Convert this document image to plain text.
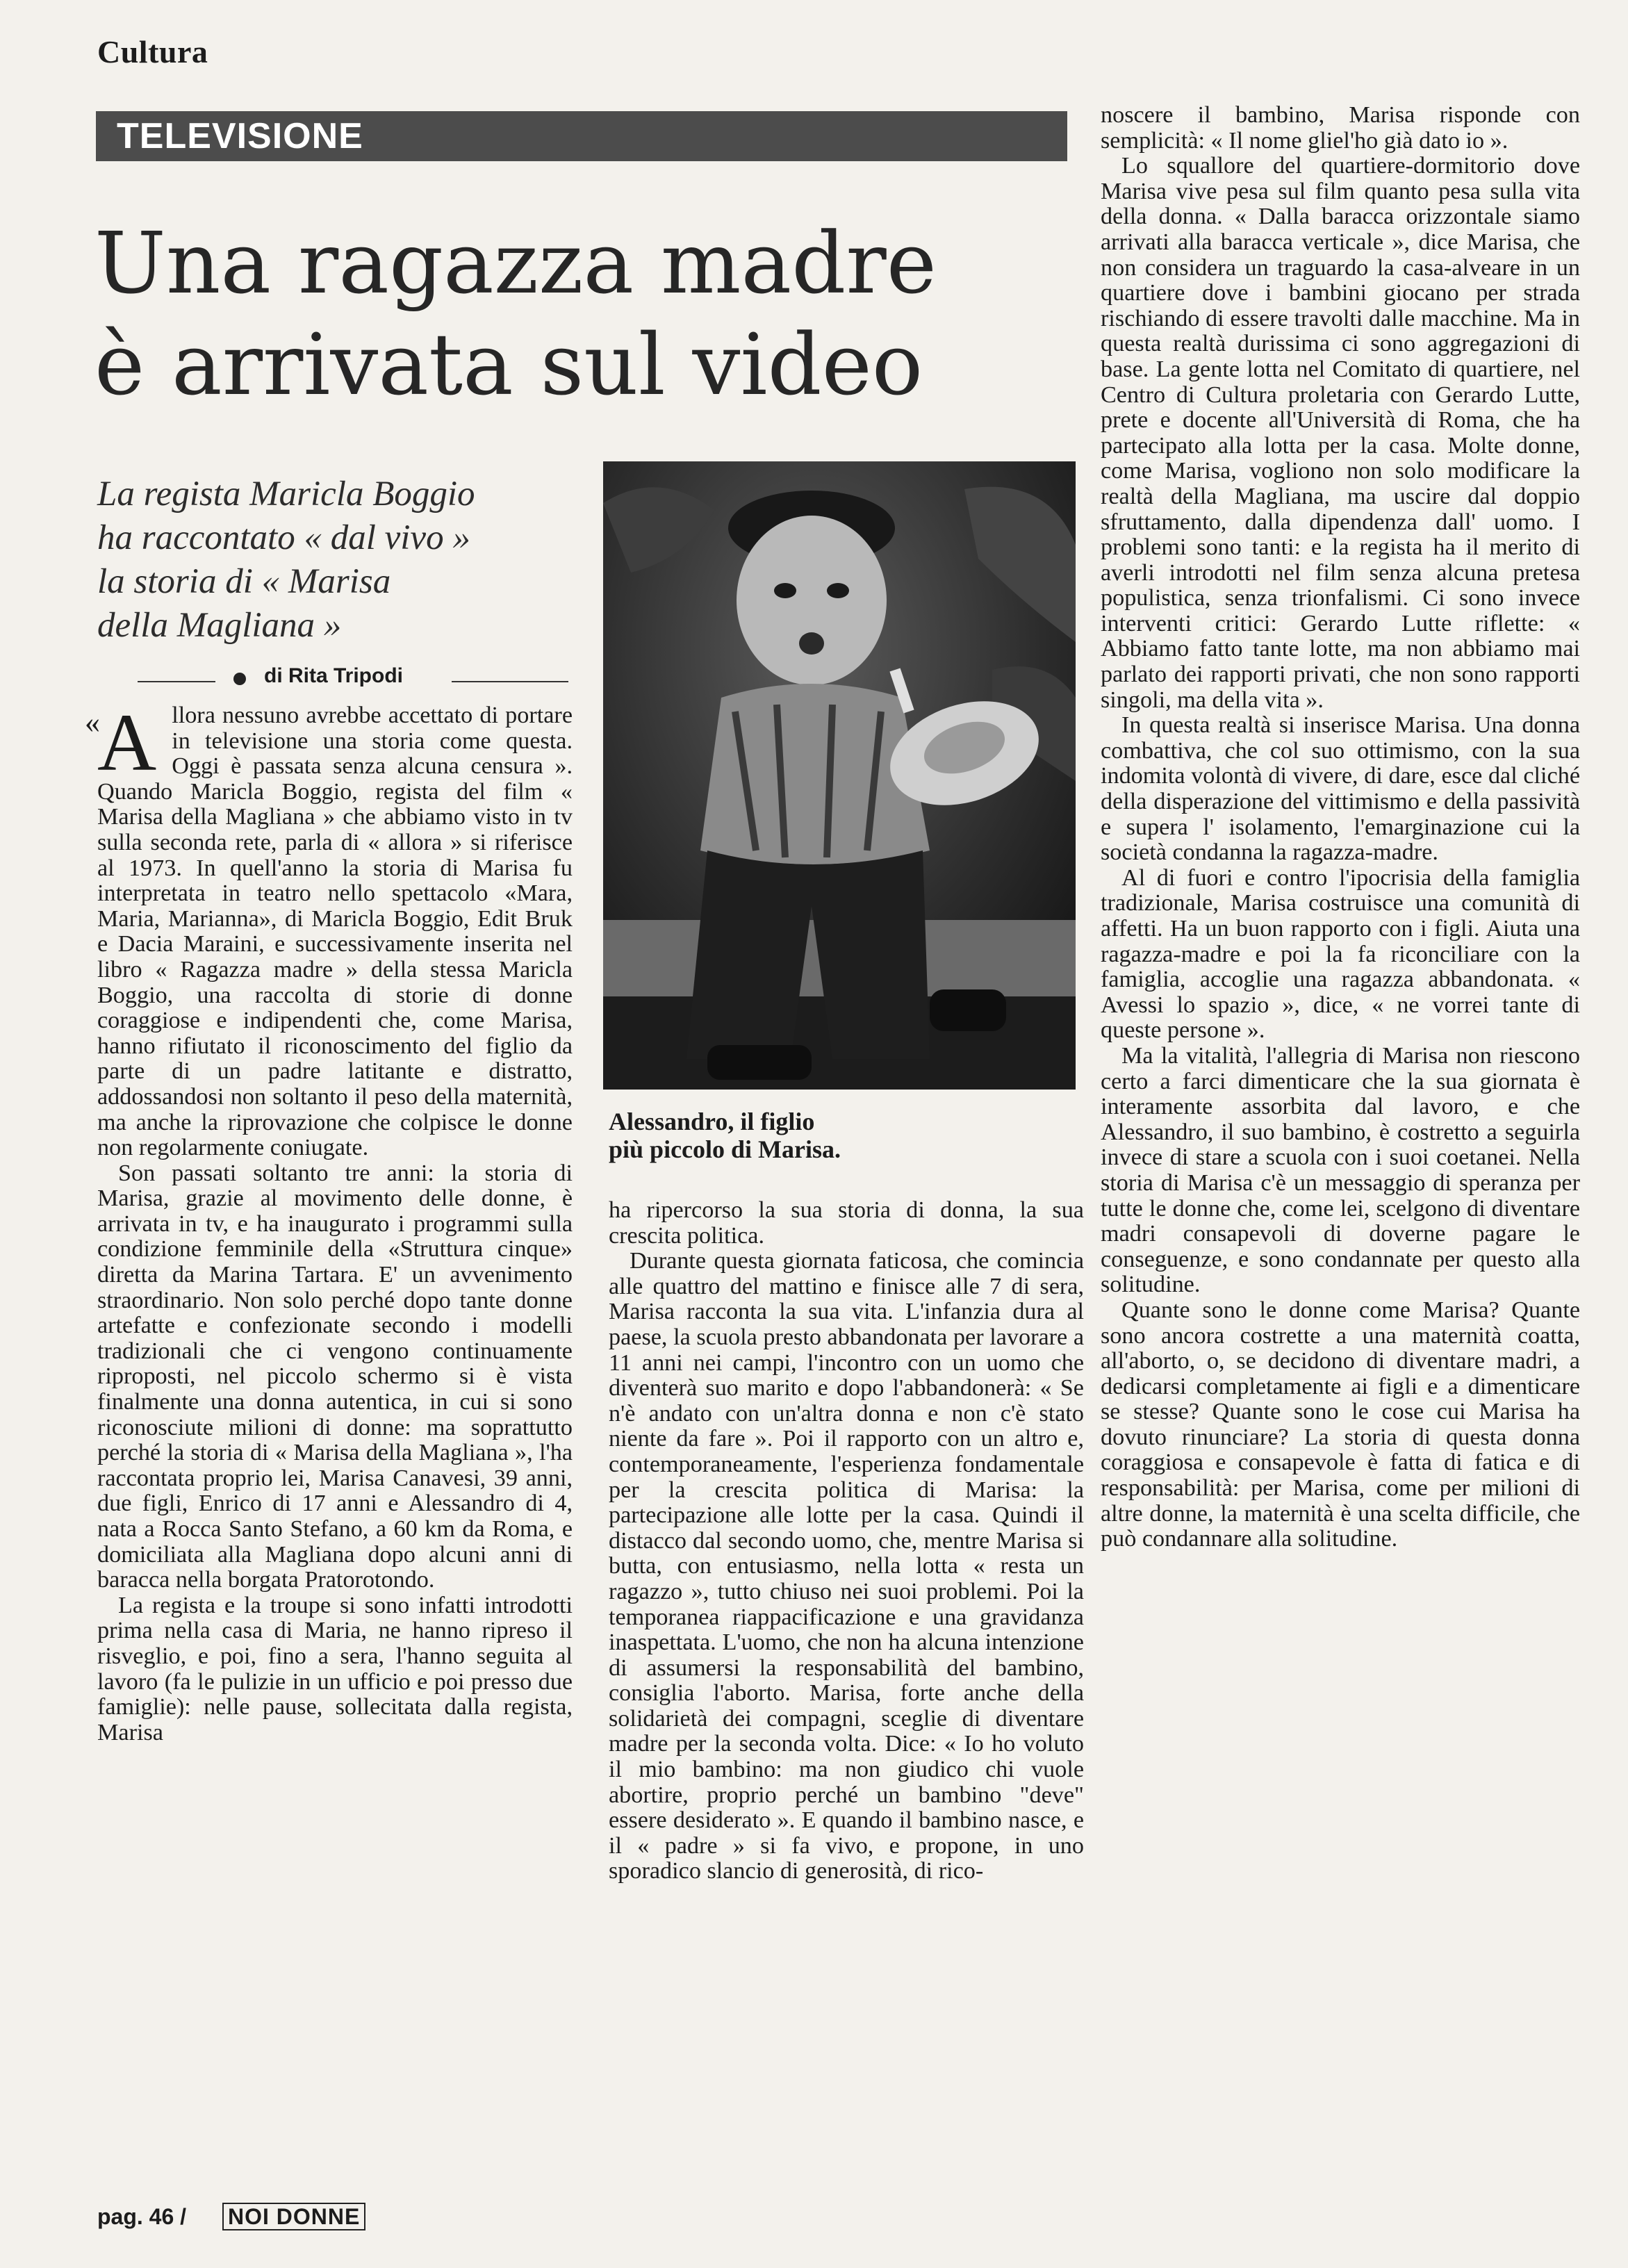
Cultura
TELEVISIONE
Una ragazza madre
è arrivata sul video
La regista Maricla Boggio
ha raccontato « dal vivo »
la storia di « Marisa
della Magliana »
di Rita Tripodi
«

Allora nessuno avrebbe accettato di portare in televisione una storia come questa. Oggi è passata senza alcuna censura ». Quando Maricla Boggio, regista del film « Marisa della Magliana » che abbiamo visto in tv sulla seconda rete, parla di « allora » si riferisce al 1973. In quell'anno la storia di Marisa fu interpretata in teatro nello spettacolo «Mara, Maria, Marianna», di Maricla Boggio, Edit Bruk e Dacia Maraini, e successivamente inserita nel libro « Ragazza madre » della stessa Maricla Boggio, una raccolta di storie di donne coraggiose e indipendenti che, come Marisa, hanno rifiutato il riconoscimento del figlio da parte di un padre latitante e distratto, addossandosi non soltanto il peso della maternità, ma anche la riprovazione che colpisce le donne non regolarmente coniugate.

Son passati soltanto tre anni: la storia di Marisa, grazie al movimento delle donne, è arrivata in tv, e ha inaugurato i programmi sulla condizione femminile della «Struttura cinque» diretta da Marina Tartara. E' un avvenimento straordinario. Non solo perché dopo tante donne artefatte e confezionate secondo i modelli tradizionali che ci vengono continuamente riproposti, nel piccolo schermo si è vista finalmente una donna autentica, in cui si sono riconosciute milioni di donne: ma soprattutto perché la storia di « Marisa della Magliana », l'ha raccontata proprio lei, Marisa Canavesi, 39 anni, due figli, Enrico di 17 anni e Alessandro di 4, nata a Rocca Santo Stefano, a 60 km da Roma, e domiciliata alla Magliana dopo alcuni anni di baracca nella borgata Pratorotondo.

La regista e la troupe si sono infatti introdotti prima nella casa di Maria, ne hanno ripreso il risveglio, e poi, fino a sera, l'hanno seguita al lavoro (fa le pulizie in un ufficio e poi presso due famiglie): nelle pause, sollecitata dalla regista, Marisa

Alessandro, il figlio
più piccolo di Marisa.

ha ripercorso la sua storia di donna, la sua crescita politica.

Durante questa giornata faticosa, che comincia alle quattro del mattino e finisce alle 7 di sera, Marisa racconta la sua vita. L'infanzia dura al paese, la scuola presto abbandonata per lavorare a 11 anni nei campi, l'incontro con un uomo che diventerà suo marito e dopo l'abbandonerà: « Se n'è andato con un'altra donna e non c'è stato niente da fare ». Poi il rapporto con un altro e, contemporaneamente, l'esperienza fondamentale per la crescita politica di Marisa: la partecipazione alle lotte per la casa. Quindi il distacco dal secondo uomo, che, mentre Marisa si butta, con entusiasmo, nella lotta « resta un ragazzo », tutto chiuso nei suoi problemi. Poi la temporanea riappacificazione e una gravidanza inaspettata. L'uomo, che non ha alcuna intenzione di assumersi la responsabilità del bambino, consiglia l'aborto. Marisa, forte anche della solidarietà dei compagni, sceglie di diventare madre per la seconda volta. Dice: « Io ho voluto il mio bambino: ma non giudico chi vuole abortire, proprio perché un bambino "deve" essere desiderato ». E quando il bambino nasce, e il « padre » si fa vivo, e propone, in uno sporadico slancio di generosità, di rico-

noscere il bambino, Marisa risponde con semplicità: « Il nome gliel'ho già dato io ».

Lo squallore del quartiere-dormitorio dove Marisa vive pesa sul film quanto pesa sulla vita della donna. « Dalla baracca orizzontale siamo arrivati alla baracca verticale », dice Marisa, che non considera un traguardo la casa-alveare in un quartiere dove i bambini giocano per strada rischiando di essere travolti dalle macchine. Ma in questa realtà durissima ci sono aggregazioni di base. La gente lotta nel Comitato di quartiere, nel Centro di Cultura proletaria con Gerardo Lutte, prete e docente all'Università di Roma, che ha partecipato alla lotta per la casa. Molte donne, come Marisa, vogliono non solo modificare la realtà della Magliana, ma uscire dal doppio sfruttamento, dalla dipendenza dall' uomo. I problemi sono tanti: e la regista ha il merito di averli introdotti nel film senza alcuna pretesa populistica, senza trionfalismi. Ci sono invece interventi critici: Gerardo Lutte riflette: « Abbiamo fatto tante lotte, ma non abbiamo mai parlato dei rapporti privati, che non sono rapporti singoli, ma della vita ».

In questa realtà si inserisce Marisa. Una donna combattiva, che col suo ottimismo, con la sua indomita volontà di vivere, di dare, esce dal cliché della disperazione del vittimismo e della passività e supera l' isolamento, l'emarginazione cui la società condanna la ragazza-madre.

Al di fuori e contro l'ipocrisia della famiglia tradizionale, Marisa costruisce una comunità di affetti. Ha un buon rapporto con i figli. Aiuta una ragazza-madre e poi la fa riconciliare con la famiglia, accoglie una ragazza abbandonata. « Avessi lo spazio », dice, « ne vorrei tante di queste persone ».

Ma la vitalità, l'allegria di Marisa non riescono certo a farci dimenticare che la sua giornata è interamente assorbita dal lavoro, e che Alessandro, il suo bambino, è costretto a seguirla invece di stare a scuola con i suoi coetanei. Nella storia di Marisa c'è un messaggio di speranza per tutte le donne che, come lei, scelgono di diventare madri consapevoli di doverne pagare le conseguenze, e sono condannate per questo alla solitudine.

Quante sono le donne come Marisa? Quante sono ancora costrette a una maternità coatta, all'aborto, o, se decidono di diventare madri, a dedicarsi completamente ai figli e a dimenticare se stesse? Quante sono le cose cui Marisa ha dovuto rinunciare? La storia di questa donna coraggiosa e consapevole è fatta di fatica e di responsabilità: per Marisa, come per milioni di altre donne, la maternità è una scelta difficile, che può condannare alla solitudine.

pag. 46 / NOI DONNE
